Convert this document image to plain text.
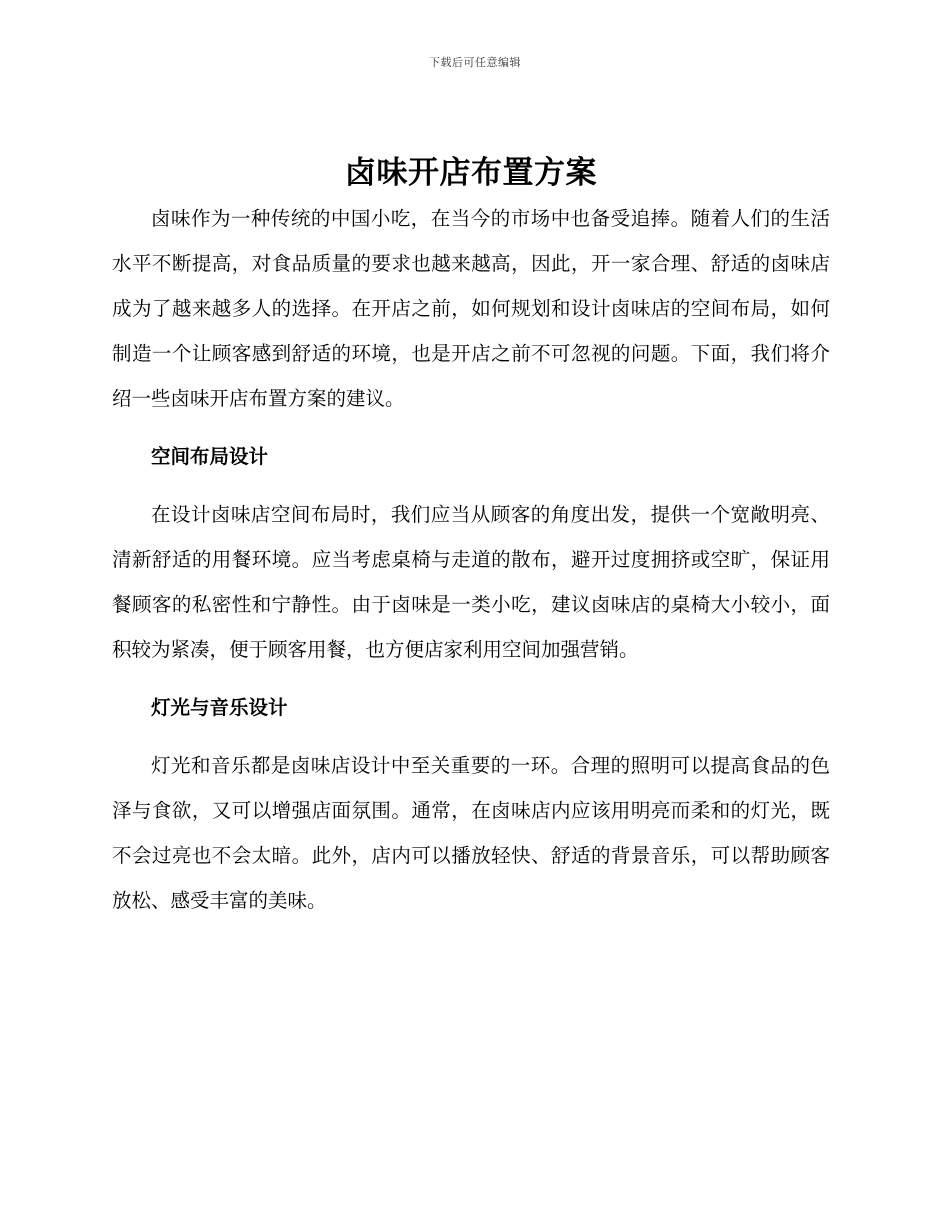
下载后可任意编辑
卤味开店布置方案

卤味作为一种传统的中国小吃，在当今的市场中也备受追捧。随着人们的生活水平不断提高，对食品质量的要求也越来越高，因此，开一家合理、舒适的卤味店成为了越来越多人的选择。在开店之前，如何规划和设计卤味店的空间布局，如何制造一个让顾客感到舒适的环境，也是开店之前不可忽视的问题。下面，我们将介绍一些卤味开店布置方案的建议。

空间布局设计

在设计卤味店空间布局时，我们应当从顾客的角度出发，提供一个宽敞明亮、清新舒适的用餐环境。应当考虑桌椅与走道的散布，避开过度拥挤或空旷，保证用餐顾客的私密性和宁静性。由于卤味是一类小吃，建议卤味店的桌椅大小较小，面积较为紧凑，便于顾客用餐，也方便店家利用空间加强营销。

灯光与音乐设计

灯光和音乐都是卤味店设计中至关重要的一环。合理的照明可以提高食品的色泽与食欲，又可以增强店面氛围。通常，在卤味店内应该用明亮而柔和的灯光，既不会过亮也不会太暗。此外，店内可以播放轻快、舒适的背景音乐，可以帮助顾客放松、感受丰富的美味。
